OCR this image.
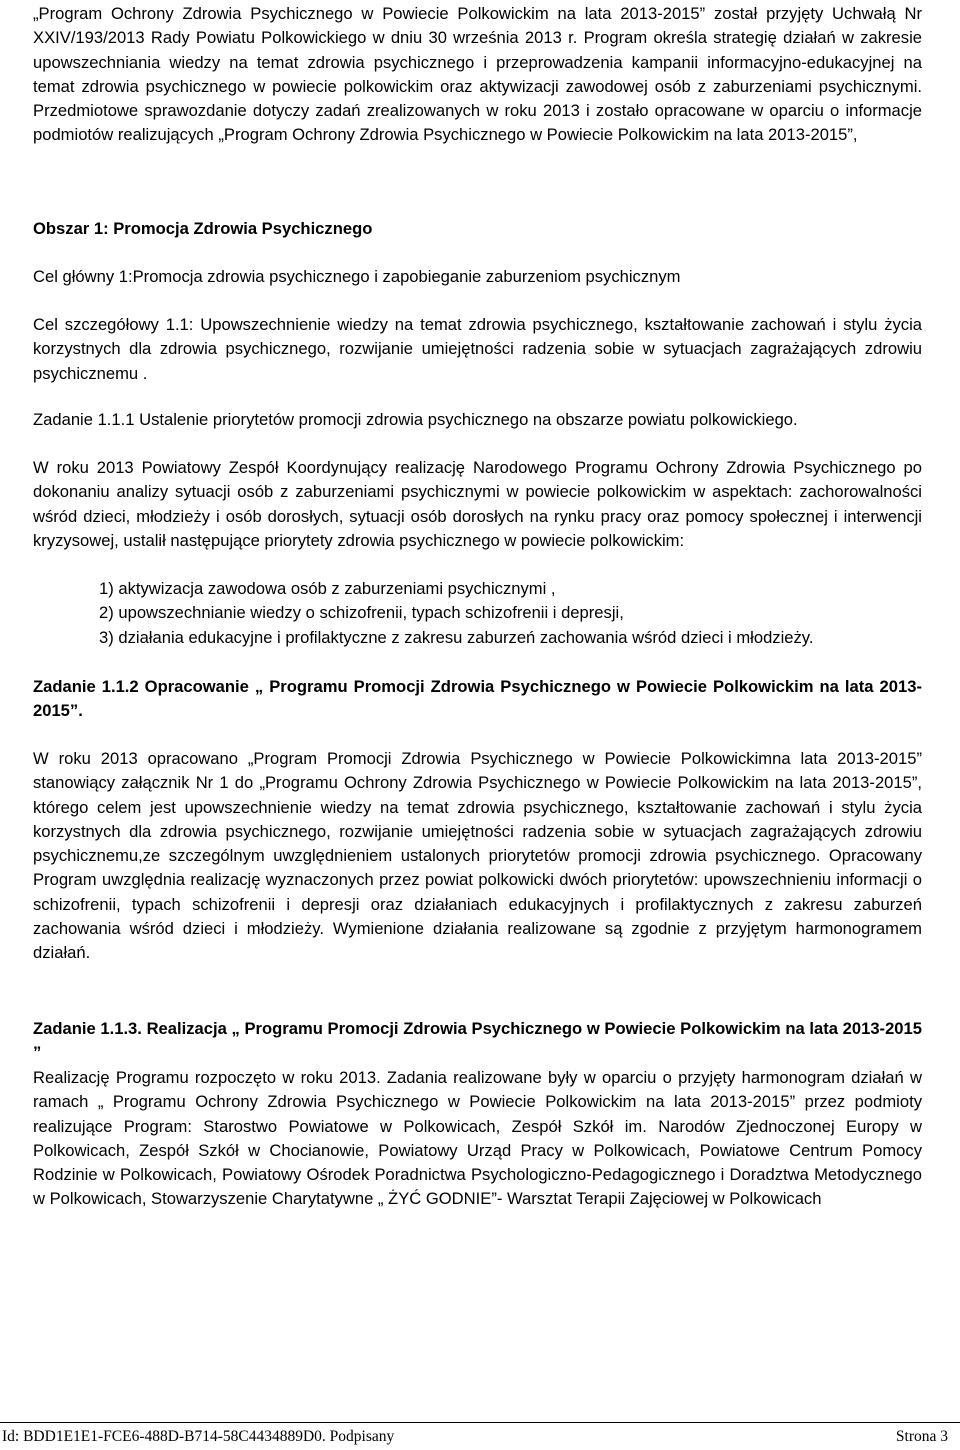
„Program Ochrony Zdrowia Psychicznego w Powiecie Polkowickim na lata 2013-2015” został przyjęty Uchwałą Nr XXIV/193/2013 Rady Powiatu Polkowickiego w dniu 30 września 2013 r. Program określa strategię działań w zakresie upowszechniania wiedzy na temat zdrowia psychicznego i przeprowadzenia kampanii informacyjno-edukacyjnej na temat zdrowia psychicznego w powiecie polkowickim oraz aktywizacji zawodowej osób z zaburzeniami psychicznymi. Przedmiotowe sprawozdanie dotyczy zadań zrealizowanych w roku 2013 i zostało opracowane w oparciu o informacje podmiotów realizujących „Program Ochrony Zdrowia Psychicznego w Powiecie Polkowickim na lata 2013-2015”,

Obszar 1: Promocja Zdrowia Psychicznego

Cel główny 1:Promocja zdrowia psychicznego i zapobieganie zaburzeniom psychicznym

Cel szczegółowy 1.1: Upowszechnienie wiedzy na temat zdrowia psychicznego, kształtowanie zachowań i stylu życia korzystnych dla zdrowia psychicznego, rozwijanie umiejętności radzenia sobie w sytuacjach zagrażających zdrowiu psychicznemu .

Zadanie 1.1.1 Ustalenie priorytetów promocji zdrowia psychicznego na obszarze powiatu polkowickiego.

W roku 2013 Powiatowy Zespół Koordynujący realizację Narodowego Programu Ochrony Zdrowia Psychicznego po dokonaniu analizy sytuacji osób z zaburzeniami psychicznymi w powiecie polkowickim w aspektach: zachorowalności wśród dzieci, młodzieży i osób dorosłych, sytuacji osób dorosłych na rynku pracy oraz pomocy społecznej i interwencji kryzysowej, ustalił następujące priorytety zdrowia psychicznego w powiecie polkowickim:

1) aktywizacja zawodowa osób z zaburzeniami psychicznymi ,
2) upowszechnianie wiedzy o schizofrenii, typach schizofrenii i depresji,
3) działania edukacyjne i profilaktyczne z zakresu zaburzeń zachowania wśród dzieci i młodzieży.
Zadanie 1.1.2 Opracowanie „ Programu Promocji Zdrowia Psychicznego w Powiecie Polkowickim na lata 2013-2015”.

W roku 2013 opracowano „Program Promocji Zdrowia Psychicznego w Powiecie Polkowickimna lata 2013-2015” stanowiący załącznik Nr 1 do „Programu Ochrony Zdrowia Psychicznego w Powiecie Polkowickim na lata 2013-2015”, którego celem jest upowszechnienie wiedzy na temat zdrowia psychicznego, kształtowanie zachowań i stylu życia korzystnych dla zdrowia psychicznego, rozwijanie umiejętności radzenia sobie w sytuacjach zagrażających zdrowiu psychicznemu,ze szczególnym uwzględnieniem ustalonych priorytetów promocji zdrowia psychicznego. Opracowany Program uwzględnia realizację wyznaczonych przez powiat polkowicki dwóch priorytetów: upowszechnieniu informacji o schizofrenii, typach schizofrenii i depresji oraz działaniach edukacyjnych i profilaktycznych z zakresu zaburzeń zachowania wśród dzieci i młodzieży. Wymienione działania realizowane są zgodnie z przyjętym harmonogramem działań.

Zadanie 1.1.3. Realizacja „ Programu Promocji Zdrowia Psychicznego w Powiecie Polkowickim na lata 2013-2015 ”

Realizację Programu rozpoczęto w roku 2013. Zadania realizowane były w oparciu o przyjęty harmonogram działań w ramach „ Programu Ochrony Zdrowia Psychicznego w Powiecie Polkowickim na lata 2013-2015” przez podmioty realizujące Program: Starostwo Powiatowe w Polkowicach, Zespół Szkół im. Narodów Zjednoczonej Europy w Polkowicach, Zespół Szkół w Chocianowie, Powiatowy Urząd Pracy w Polkowicach, Powiatowe Centrum Pomocy Rodzinie w Polkowicach, Powiatowy Ośrodek Poradnictwa Psychologiczno-Pedagogicznego i Doradztwa Metodycznego w Polkowicach, Stowarzyszenie Charytatywne „ ŻYĆ GODNIE”- Warsztat Terapii Zajęciowej w Polkowicach

Id: BDD1E1E1-FCE6-488D-B714-58C4434889D0. Podpisany	Strona 3
